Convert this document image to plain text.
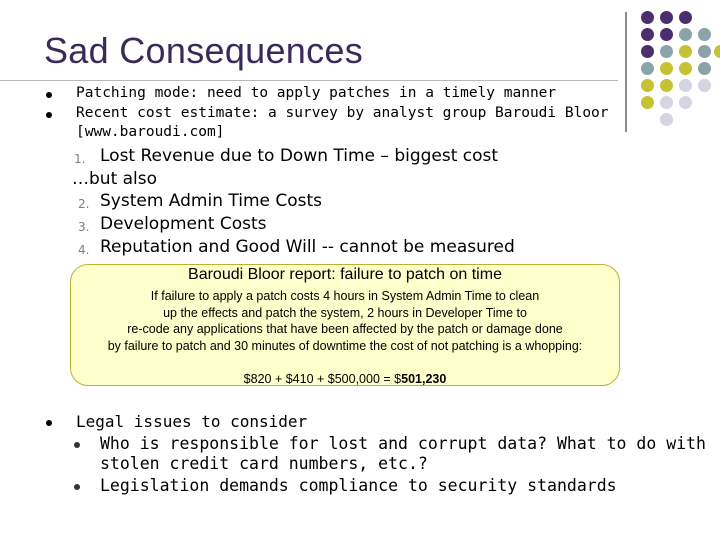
Sad Consequences
Patching mode: need to apply patches in a timely manner
Recent cost estimate: a survey by analyst group Baroudi Bloor
[www.baroudi.com]
1. Lost Revenue due to Down Time – biggest cost
…but also
2. System Admin Time Costs
3. Development Costs
4. Reputation and Good Will -- cannot be measured
Baroudi Bloor report: failure to patch on time
If failure to apply a patch costs 4 hours in System Admin Time to clean
up the effects and patch the system, 2 hours in Developer Time to
re-code any applications that have been affected by the patch or damage done
by failure to patch and 30 minutes of downtime the cost of not patching is a whopping:
$820 + $410 + $500,000 = $501,230
Legal issues to consider
Who is responsible for lost and corrupt data? What to do with
stolen credit card numbers, etc.?
Legislation demands compliance to security standards
